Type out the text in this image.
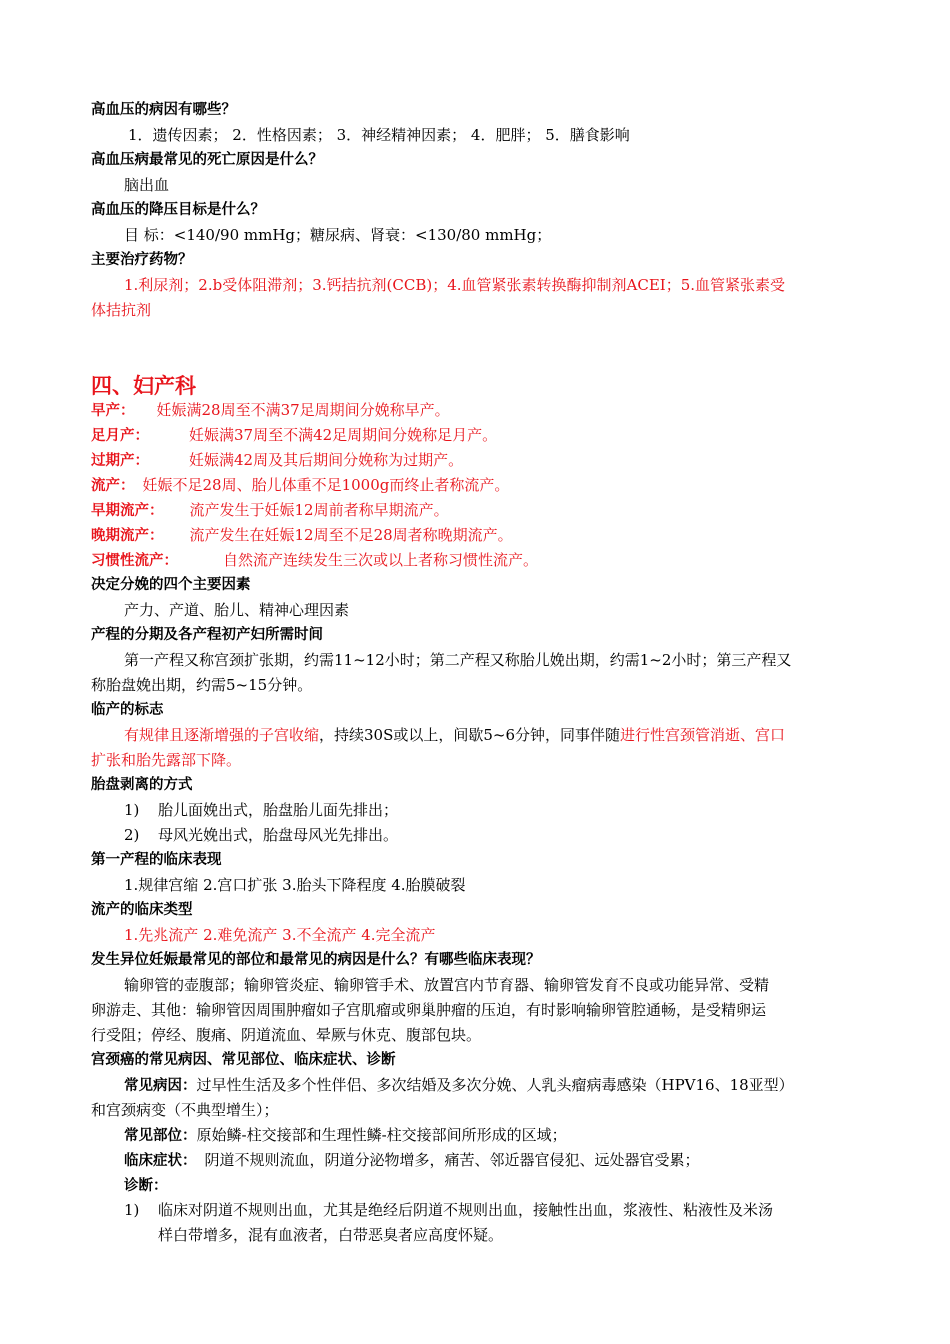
高血压的病因有哪些？
1．遗传因素； 2．性格因素； 3．神经精神因素； 4．肥胖； 5．膳食影响
高血压病最常见的死亡原因是什么？
脑出血
高血压的降压目标是什么？
目 标：<140/90 mmHg；糖尿病、肾衰：<130/80 mmHg；
主要治疗药物？
1.利尿剂；2.b受体阻滞剂；3.钙拮抗剂(CCB)；4.血管紧张素转换酶抑制剂ACEI；5.血管紧张素受
体拮抗剂
四、妇产科
早产： 妊娠满28周至不满37足周期间分娩称早产。
足月产：	妊娠满37周至不满42足周期间分娩称足月产。
过期产：	妊娠满42周及其后期间分娩称为过期产。
流产： 妊娠不足28周、胎儿体重不足1000g而终止者称流产。
早期流产： 流产发生于妊娠12周前者称早期流产。
晚期流产： 流产发生在妊娠12周至不足28周者称晚期流产。
习惯性流产：	自然流产连续发生三次或以上者称习惯性流产。
决定分娩的四个主要因素
产力、产道、胎儿、精神心理因素
产程的分期及各产程初产妇所需时间
第一产程又称宫颈扩张期，约需11~12小时；第二产程又称胎儿娩出期，约需1~2小时；第三产程又
称胎盘娩出期，约需5~15分钟。
临产的标志
有规律且逐渐增强的子宫收缩，持续30S或以上，间歇5~6分钟，同事伴随进行性宫颈管消逝、宫口
扩张和胎先露部下降。
胎盘剥离的方式
1) 胎儿面娩出式，胎盘胎儿面先排出；
2) 母风光娩出式，胎盘母风光先排出。
第一产程的临床表现
1.规律宫缩 2.宫口扩张 3.胎头下降程度 4.胎膜破裂
流产的临床类型
1.先兆流产 2.难免流产 3.不全流产 4.完全流产
发生异位妊娠最常见的部位和最常见的病因是什么？有哪些临床表现？
输卵管的壶腹部；输卵管炎症、输卵管手术、放置宫内节育器、输卵管发育不良或功能异常、受精
卵游走、其他：输卵管因周围肿瘤如子宫肌瘤或卵巢肿瘤的压迫，有时影响输卵管腔通畅，是受精卵运
行受阻；停经、腹痛、阴道流血、晕厥与休克、腹部包块。
宫颈癌的常见病因、常见部位、临床症状、诊断
常见病因：过早性生活及多个性伴侣、多次结婚及多次分娩、人乳头瘤病毒感染（HPV16、18亚型）
和宫颈病变（不典型增生）；
常见部位：原始鳞-柱交接部和生理性鳞-柱交接部间所形成的区域；
临床症状： 阴道不规则流血，阴道分泌物增多，痛苦、邻近器官侵犯、远处器官受累；
诊断：
1) 临床对阴道不规则出血，尤其是绝经后阴道不规则出血，接触性出血，浆液性、粘液性及米汤
样白带增多，混有血液者，白带恶臭者应高度怀疑。
